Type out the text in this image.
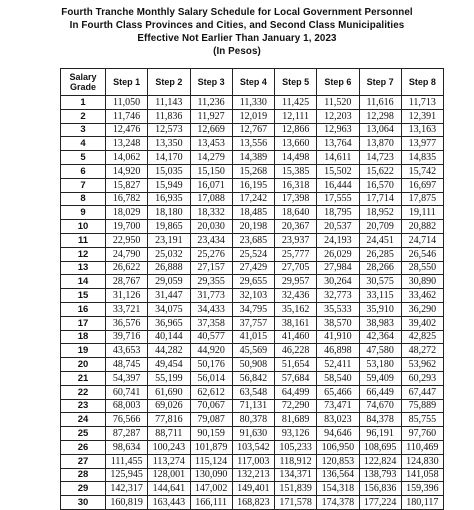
Fourth Tranche Monthly Salary Schedule for Local Government Personnel
In Fourth Class Provinces and Cities, and Second Class Municipalities
Effective Not Earlier Than January 1, 2023
(In Pesos)
Salary Grade	Step 1	Step 2	Step 3	Step 4	Step 5	Step 6	Step 7	Step 8
1	11,050	11,143	11,236	11,330	11,425	11,520	11,616	11,713
2	11,746	11,836	11,927	12,019	12,111	12,203	12,298	12,391
3	12,476	12,573	12,669	12,767	12,866	12,963	13,064	13,163
4	13,248	13,350	13,453	13,556	13,660	13,764	13,870	13,977
5	14,062	14,170	14,279	14,389	14,498	14,611	14,723	14,835
6	14,920	15,035	15,150	15,268	15,385	15,502	15,622	15,742
7	15,827	15,949	16,071	16,195	16,318	16,444	16,570	16,697
8	16,782	16,935	17,088	17,242	17,398	17,555	17,714	17,875
9	18,029	18,180	18,332	18,485	18,640	18,795	18,952	19,111
10	19,700	19,865	20,030	20,198	20,367	20,537	20,709	20,882
11	22,950	23,191	23,434	23,685	23,937	24,193	24,451	24,714
12	24,790	25,032	25,276	25,524	25,777	26,029	26,285	26,546
13	26,622	26,888	27,157	27,429	27,705	27,984	28,266	28,550
14	28,767	29,059	29,355	29,655	29,957	30,264	30,575	30,890
15	31,126	31,447	31,773	32,103	32,436	32,773	33,115	33,462
16	33,721	34,075	34,433	34,795	35,162	35,533	35,910	36,290
17	36,576	36,965	37,358	37,757	38,161	38,570	38,983	39,402
18	39,716	40,144	40,577	41,015	41,460	41,910	42,364	42,825
19	43,653	44,282	44,920	45,569	46,228	46,898	47,580	48,272
20	48,745	49,454	50,176	50,908	51,654	52,411	53,180	53,962
21	54,397	55,199	56,014	56,842	57,684	58,540	59,409	60,293
22	60,741	61,690	62,612	63,548	64,499	65,466	66,449	67,447
23	68,003	69,026	70,067	71,131	72,290	73,471	74,670	75,889
24	76,566	77,816	79,087	80,378	81,689	83,023	84,378	85,755
25	87,287	88,711	90,159	91,630	93,126	94,646	96,191	97,760
26	98,634	100,243	101,879	103,542	105,233	106,950	108,695	110,469
27	111,455	113,274	115,124	117,003	118,912	120,853	122,824	124,830
28	125,945	128,001	130,090	132,213	134,371	136,564	138,793	141,058
29	142,317	144,641	147,002	149,401	151,839	154,318	156,836	159,396
30	160,819	163,443	166,111	168,823	171,578	174,378	177,224	180,117
